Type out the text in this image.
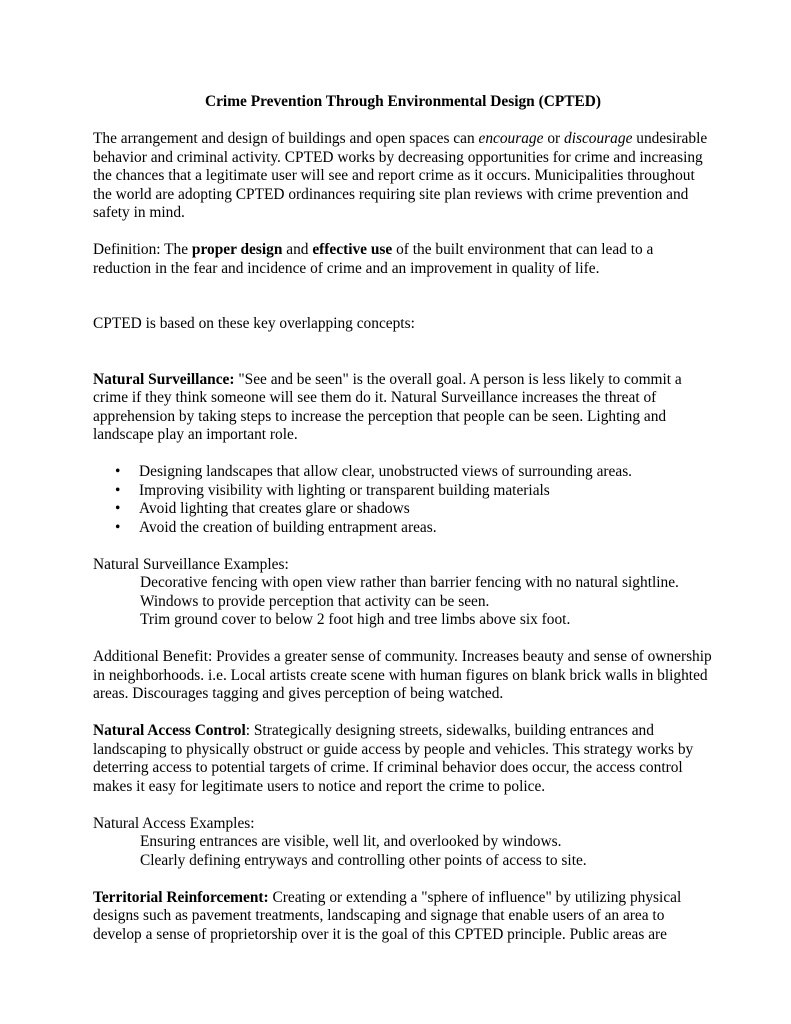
Crime Prevention Through Environmental Design (CPTED)

The arrangement and design of buildings and open spaces can encourage or discourage undesirable behavior and criminal activity. CPTED works by decreasing opportunities for crime and increasing the chances that a legitimate user will see and report crime as it occurs. Municipalities throughout the world are adopting CPTED ordinances requiring site plan reviews with crime prevention and safety in mind.

Definition: The proper design and effective use of the built environment that can lead to a reduction in the fear and incidence of crime and an improvement in quality of life.

CPTED is based on these key overlapping concepts:

Natural Surveillance: "See and be seen" is the overall goal. A person is less likely to commit a crime if they think someone will see them do it. Natural Surveillance increases the threat of apprehension by taking steps to increase the perception that people can be seen. Lighting and landscape play an important role.

• Designing landscapes that allow clear, unobstructed views of surrounding areas.
• Improving visibility with lighting or transparent building materials
• Avoid lighting that creates glare or shadows
• Avoid the creation of building entrapment areas.
Natural Surveillance Examples:
Decorative fencing with open view rather than barrier fencing with no natural sightline.
Windows to provide perception that activity can be seen.
Trim ground cover to below 2 foot high and tree limbs above six foot.

Additional Benefit: Provides a greater sense of community. Increases beauty and sense of ownership in neighborhoods. i.e. Local artists create scene with human figures on blank brick walls in blighted areas. Discourages tagging and gives perception of being watched.

Natural Access Control: Strategically designing streets, sidewalks, building entrances and landscaping to physically obstruct or guide access by people and vehicles. This strategy works by deterring access to potential targets of crime. If criminal behavior does occur, the access control makes it easy for legitimate users to notice and report the crime to police.

Natural Access Examples:
Ensuring entrances are visible, well lit, and overlooked by windows.
Clearly defining entryways and controlling other points of access to site.

Territorial Reinforcement: Creating or extending a "sphere of influence" by utilizing physical designs such as pavement treatments, landscaping and signage that enable users of an area to develop a sense of proprietorship over it is the goal of this CPTED principle. Public areas are
